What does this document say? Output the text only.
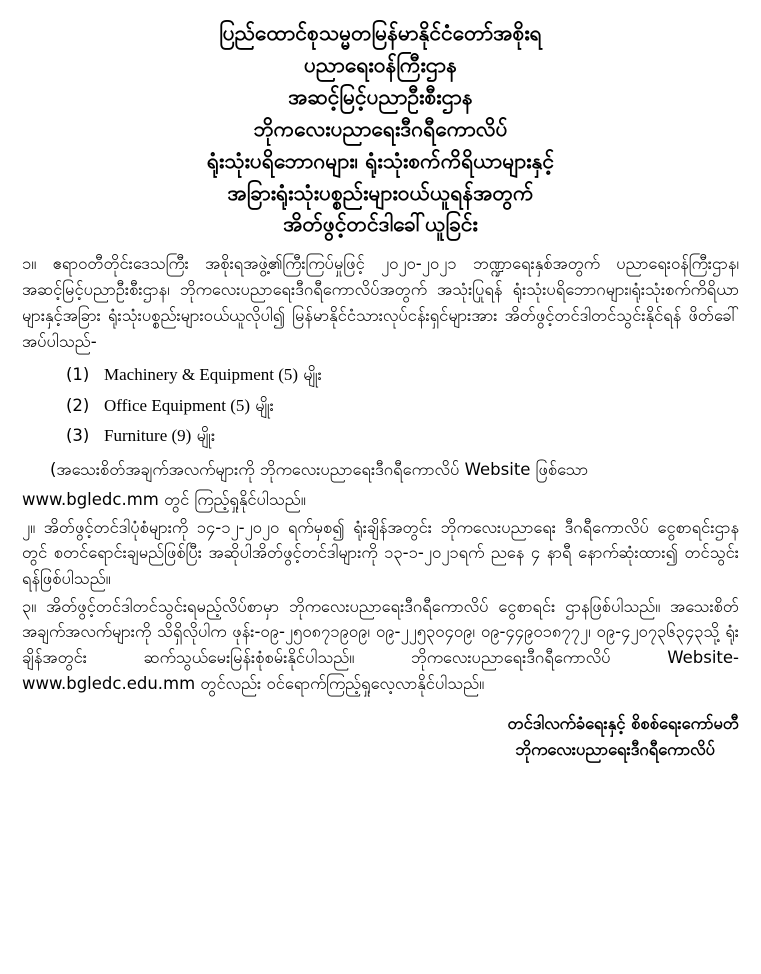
ပြည်ထောင်စုသမ္မတမြန်မာနိုင်ငံတော်အစိုးရ
ပညာရေးဝန်ကြီးဌာန
အဆင့်မြင့်ပညာဦးစီးဌာန
ဘိုကလေးပညာရေးဒီဂရီကောလိပ်
ရုံးသုံးပရိဘောဂများ၊ ရုံးသုံးစက်ကိရိယာများနှင့်
အခြားရုံးသုံးပစ္စည်းများဝယ်ယူရန်အတွက်
အိတ်ဖွင့်တင်ဒါခေါ်ယူခြင်း

၁။ ဧရာဝတီတိုင်းဒေသကြီး အစိုးရအဖွဲ့၏ကြီးကြပ်မှုဖြင့် ၂၀၂၀-၂၀၂၁ ဘဏ္ဍာရေးနှစ်အတွက် ပညာရေးဝန်ကြီးဌာန၊ အဆင့်မြင့်ပညာဦးစီးဌာန၊ ဘိုကလေးပညာရေးဒီဂရီကောလိပ်အတွက် အသုံးပြုရန် ရုံးသုံးပရိဘောဂများ၊ရုံးသုံးစက်ကိရိယာ များနှင့်အခြား ရုံးသုံးပစ္စည်းများဝယ်ယူလိုပါ၍ မြန်မာနိုင်ငံသားလုပ်ငန်းရှင်များအား အိတ်ဖွင့်တင်ဒါတင်သွင်းနိုင်ရန် ဖိတ်ခေါ်အပ်ပါသည်-

(1) Machinery & Equipment (5) မျိုး
(2) Office Equipment (5) မျိုး
(3) Furniture (9) မျိုး
(အသေးစိတ်အချက်အလက်များကို ဘိုကလေးပညာရေးဒီဂရီကောလိပ် Website ဖြစ်သော
www.bgledc.mm တွင် ကြည့်ရှုနိုင်ပါသည်။

၂။ အိတ်ဖွင့်တင်ဒါပုံစံများကို ၁၄-၁၂-၂၀၂၀ ရက်မှစ၍ ရုံးချိန်အတွင်း ဘိုကလေးပညာရေး ဒီဂရီကောလိပ် ငွေစာရင်းဌာနတွင် စတင်ရောင်းချမည်ဖြစ်ပြီး အဆိုပါအိတ်ဖွင့်တင်ဒါများကို ၁၃-၁-၂၀၂၁ရက် ညနေ ၄ နာရီ နောက်ဆုံးထား၍ တင်သွင်းရန်ဖြစ်ပါသည်။

၃။ အိတ်ဖွင့်တင်ဒါတင်သွင်းရမည့်လိပ်စာမှာ ဘိုကလေးပညာရေးဒီဂရီကောလိပ် ငွေစာရင်း ဌာနဖြစ်ပါသည်။ အသေးစိတ်အချက်အလက်များကို သိရှိလိုပါက ဖုန်း-၀၉-၂၅၀၈၇၁၉၀၉၊ ၀၉-၂၂၅၃၀၄၀၉၊ ၀၉-၄၄၉၀၁၈၇၇၂၊ ၀၉-၄၂၀၇၃၆၃၄၃သို့ ရုံးချိန်အတွင်း ဆက်သွယ်မေးမြန်းစုံစမ်းနိုင်ပါသည်။ ဘိုကလေးပညာရေးဒီဂရီကောလိပ် Website-www.bgledc.edu.mm တွင်လည်း ဝင်ရောက်ကြည့်ရှုလေ့လာနိုင်ပါသည်။

တင်ဒါလက်ခံရေးနှင့် စိစစ်ရေးကော်မတီ
ဘိုကလေးပညာရေးဒီဂရီကောလိပ်
